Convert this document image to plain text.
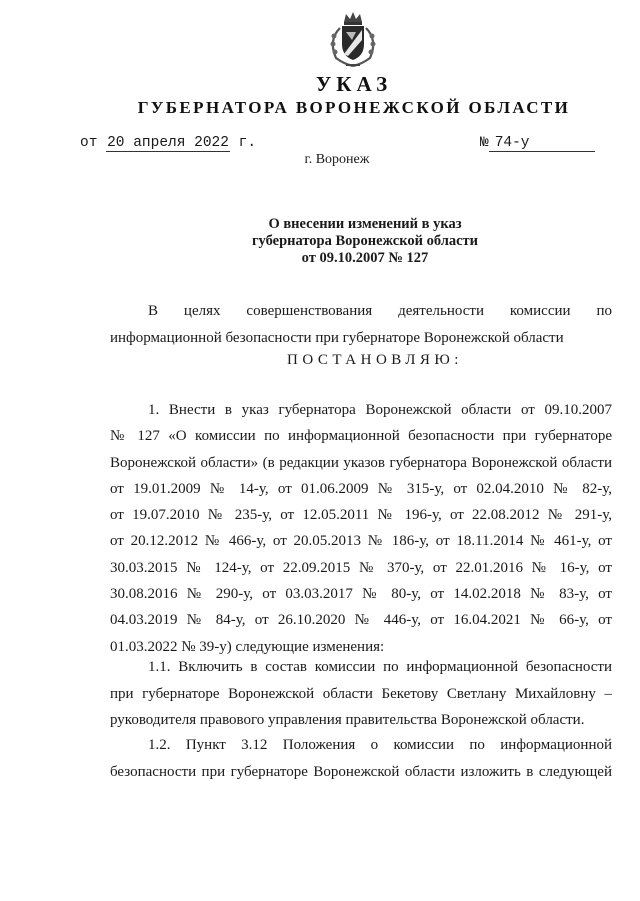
УКАЗ
ГУБЕРНАТОРА ВОРОНЕЖСКОЙ ОБЛАСТИ
от 20 апреля 2022 г.	№ 74-у
г. Воронеж
О внесении изменений в указ
губернатора Воронежской области
от 09.10.2007 № 127
В целях совершенствования деятельности комиссии по
информационной безопасности при губернаторе Воронежской области
ПОСТАНОВЛЯЮ:
1. Внести в указ губернатора Воронежской области от 09.10.2007
№ 127 «О комиссии по информационной безопасности при губернаторе
Воронежской области» (в редакции указов губернатора Воронежской области
от 19.01.2009 № 14-у, от 01.06.2009 № 315-у, от 02.04.2010 № 82-у,
от 19.07.2010 № 235-у, от 12.05.2011 № 196-у, от 22.08.2012 № 291-у,
от 20.12.2012 № 466-у, от 20.05.2013 № 186-у, от 18.11.2014 № 461-у, от
30.03.2015 № 124-у, от 22.09.2015 № 370-у, от 22.01.2016 № 16-у, от
30.08.2016 № 290-у, от 03.03.2017 № 80-у, от 14.02.2018 № 83-у, от
04.03.2019 № 84-у, от 26.10.2020 № 446-у, от 16.04.2021 № 66-у, от
01.03.2022 № 39-у) следующие изменения:
1.1. Включить в состав комиссии по информационной безопасности
при губернаторе Воронежской области Бекетову Светлану Михайловну –
руководителя правового управления правительства Воронежской области.
1.2. Пункт 3.12 Положения о комиссии по информационной
безопасности при губернаторе Воронежской области изложить в следующей
